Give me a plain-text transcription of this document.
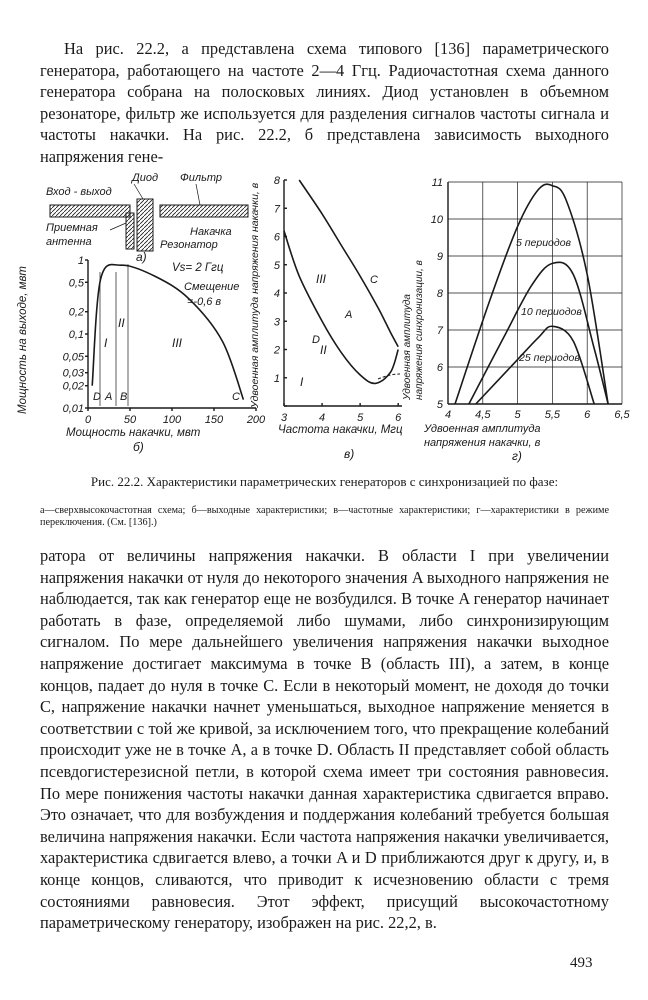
На рис. 22.2, а представлена схема типового [136] параметрического генератора, работающего на частоте 2—4 Ггц. Радиочастотная схема данного генератора собрана на полосковых линиях. Диод установлен в объемном резонаторе, фильтр же используется для разделения сигналов частоты сигнала и частоты накачки. На рис. 22.2, б представлена зависимость выходного напряжения гене-

Вход - выход
Диод Фильтр
Приемная
антенна
Накачка
Резонатор
а)
Мощность на выходе, мвт	0,01
0,02
0,03
0,05
0,1
0,2
0,5
1
0	50 100 150 200
I
II
III
D A B	C
Vs= 2 Ггц
Смещение
=-0,6 в
Мощность накачки, мвт
б)
Удвоенная амплитуда напряжения накачки, в 1
2
3
4
5
6
7
8
3	4	5	6
III
II
I
A
C
D
Частота накачки, Мгц
в)
Удвоенная амплитуда напряжения синхронизации, в
5
6
7
8
9
10
11
4 4,5 5 5,5 6 6,5
5 периодов
10 периодов
25 периодов
Удвоенная амплитуда
напряжения накачки, в
г)

Рис. 22.2. Характеристики параметрических генераторов с синхронизацией по фазе:

а—сверхвысокочастотная схема; б—выходные характеристики; в—частотные характеристики; г—характеристики в режиме переключения. (См. [136].)

ратора от величины напряжения накачки. В области I при увеличении напряжения накачки от нуля до некоторого значения A выходного напряжения не наблюдается, так как генератор еще не возбудился. В точке A генератор начинает работать в фазе, определяемой либо шумами, либо синхронизирующим сигналом. По мере дальнейшего увеличения напряжения накачки выходное напряжение достигает максимума в точке B (область III), а затем, в конце концов, падает до нуля в точке C. Если в некоторый момент, не доходя до точки C, напряжение накачки начнет уменьшаться, выходное напряжение меняется в соответствии с той же кривой, за исключением того, что прекращение колебаний происходит уже не в точке A, а в точке D. Область II представляет собой область псевдогистерезисной петли, в которой схема имеет три состояния равновесия. По мере понижения частоты накачки данная характеристика сдвигается вправо. Это означает, что для возбуждения и поддержания колебаний требуется большая величина напряжения накачки. Если частота напряжения накачки увеличивается, характеристика сдвигается влево, а точки A и D приближаются друг к другу, и, в конце концов, сливаются, что приводит к исчезновению области с тремя состояниями равновесия. Этот эффект, присущий высокочастотному параметрическому генератору, изображен на рис. 22,2, в.

493
